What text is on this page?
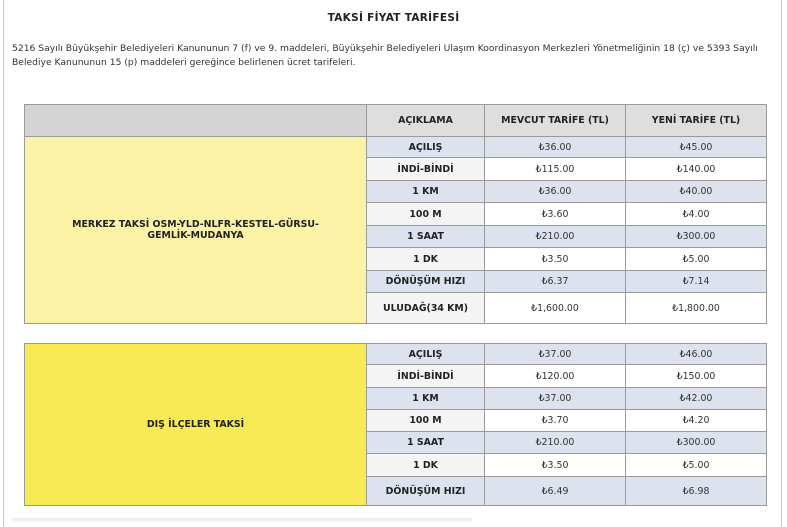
TAKSİ FİYAT TARİFESİ
5216 Sayılı Büyükşehir Belediyeleri Kanununun 7 (f) ve 9. maddeleri, Büyükşehir Belediyeleri Ulaşım Koordinasyon Merkezleri Yönetmeliğinin 18 (ç) ve 5393 Sayılı Belediye Kanununun 15 (p) maddeleri gereğince belirlenen ücret tarifeleri.
	AÇIKLAMA	MEVCUT TARİFE (TL)	YENİ TARİFE (TL)
MERKEZ TAKSİ OSM-YLD-NLFR-KESTEL-GÜRSU-GEMLİK-MUDANYA	AÇILIŞ	₺36.00	₺45.00
	İNDİ-BİNDİ	₺115.00	₺140.00
	1 KM	₺36.00	₺40.00
	100 M	₺3.60	₺4.00
	1 SAAT	₺210.00	₺300.00
	1 DK	₺3.50	₺5.00
	DÖNÜŞÜM HIZI	₺6.37	₺7.14
	ULUDAĞ(34 KM)	₺1,600.00	₺1,800.00

DIŞ İLÇELER TAKSİ	AÇILIŞ	₺37.00	₺46.00
	İNDİ-BİNDİ	₺120.00	₺150.00
	1 KM	₺37.00	₺42.00
	100 M	₺3.70	₺4.20
	1 SAAT	₺210.00	₺300.00
	1 DK	₺3.50	₺5.00
	DÖNÜŞÜM HIZI	₺6.49	₺6.98
